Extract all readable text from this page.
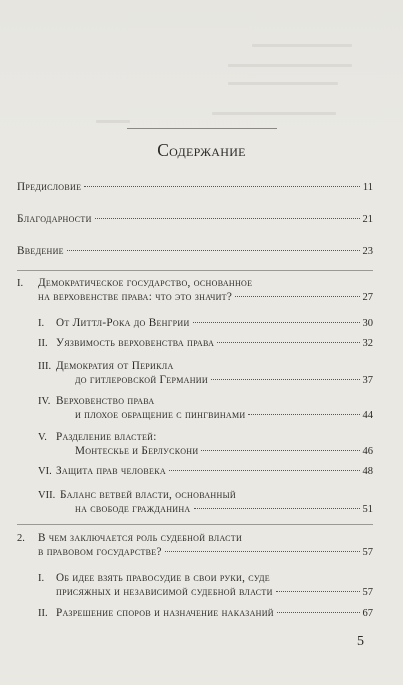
Содержание
Предисловие	11
Благодарности	21
Введение	23
I. Демократическое государство, основанное
на верховенстве права: что это значит?	27
I. От Литтл-Рока до Венгрии	30
II. Уязвимость верховенства права	32
III. Демократия от Перикла
до гитлеровской Германии	37
IV. Верховенство права
и плохое обращение с пингвинами	44
V. Разделение властей:
Монтескье и Берлускони	46
VI. Защита прав человека	48
VII. Баланс ветвей власти, основанный
на свободе гражданина	51
2. В чем заключается роль судебной власти
в правовом государстве?	57
I. Об идее взять правосудие в свои руки, суде
присяжных и независимой судебной власти	57
II. Разрешение споров и назначение наказаний	67
5
